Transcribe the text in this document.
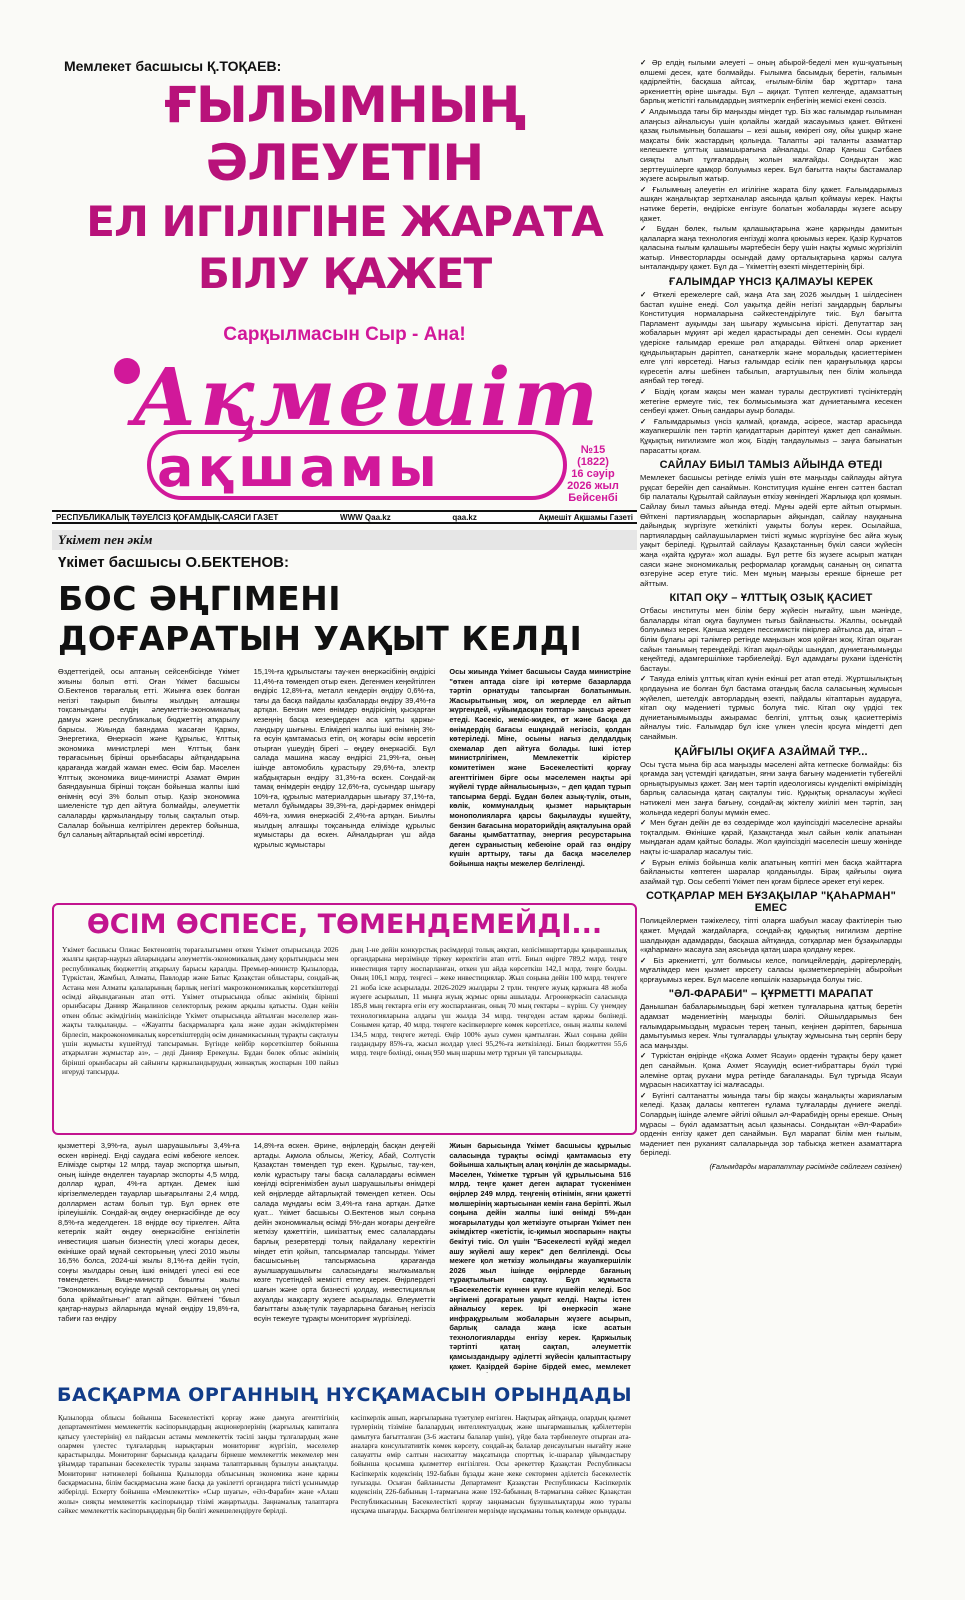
Мемлекет басшысы Қ.ТОҚАЕВ:
ҒЫЛЫМНЫҢ ӘЛЕУЕТІН
ЕЛ ИГІЛІГІНЕ ЖАРАТА БІЛУ ҚАЖЕТ
Сарқылмасын Сыр - Ана!
Ақмешіт
ақшамы	№15
(1822)
16 сәуір
2026 жыл
Бейсенбі
РЕСПУБЛИКАЛЫҚ ТӘУЕЛСІЗ ҚОҒАМДЫҚ-САЯСИ ГАЗЕТ	WWW Qaa.kz	qaa.kz	Ақмешіт Ақшамы Газеті
Үкімет пен әкім
Үкімет басшысы О.БЕКТЕНОВ:
БОС ӘҢГІМЕНІ
ДОҒАРАТЫН УАҚЫТ КЕЛДІ
Өздеттегідей, осы аптаның сейсенбісінде Үкімет жиыны болып өтті. Оған Үкімет басшысы О.Бектенов төрағалық етті. Жиынға өзек болған негізгі тақырып биылғы жылдың алғашқы тоқсанындағы елдің әлеуметтік-экономикалық дамуы және республикалық бюджеттің атқарылу барысы. Жиында баяндама жасаған Қаржы, Энергетика, Өнеркәсіп және Құрылыс, Ұлттық экономика министрлері мен Ұлттық банк төрағасының бірінші орынбасары айтқандарына қарағанда жағдай жаман емес. Өсім бар. Мәселен Ұлттық экономика вице-министрі Азамат Әмрин баяндауынша бірінші тоқсан бойынша жалпы ішкі өнімнің өсуі 3% болып отыр. Қазір экономика шиеленісте тұр деп айтуға болмайды, әлеуметтік салаларды қаржыландыру толық сақталып отыр. Салалар бойынша келтірілген деректер бойынша, бұл саланың айтарлықтай өсімі көрсетілді.
15,1%-ға құрылыстағы тау-кен өнеркәсібінің өндірісі 11,4%-ға төмендеп отыр екен. Дегенмен кеңейтілген өндіріс 12,8%-ға, металл кендерін өндіру 0,6%-ға, тағы да басқа пайдалы қазбаларды өндіру 39,4%-ға артқан. Бензин мен өнімдер өндірісінің қысқарған кезеңнің басқа кезеңдерден аса қатты қаржыландыру шығыны. Елімідегі жалпы ішкі өнімнің 3%-ға өсуін қамтамасыз етіп, оң жоғары өсім көрсетіп отырған үшеудің бірегі – өңдеу өнеркәсібі. Бұл салада машина жасау өндірісі 21,9%-ға, оның ішінде автомобиль құрастыру 29,6%-ға, электр жабдықтарын өндіру 31,3%-ға өскен. Сондай-ақ тамақ өнімдерін өндіру 12,6%-ға, сусындар шығару 10%-ға, құрылыс материалдарын шығару 37,1%-ға, металл бұйымдары 39,3%-ға, дәрі-дәрмек өнімдері 46%-ға, химия өнеркәсібі 2,4%-ға артқан. Биылғы жылдың алғашқы тоқсанында елімізде құрылыс жұмыстары да өскен. Айналдырған үш айда құрылыс жұмыстары
Осы жиында Үкімет басшысы Сауда министріне "өткен аптада сізге ірі көтерме базарларда тәртіп орнатуды тапсырған болатынмын. Жасырытының жоқ, ол жерлерде ел айтып жүргендей, «уйымдасқан топтар» заңсыз әрекет етеді. Кәсекіс, жеміс-жидек, өт және басқа да өнімдердің бағасы ешқандай негізсіз, қолдан көтеріледі. Міне, осыны нағыз делдалдық схемалар деп айтуға болады. Ішкі істер министрлігімен, Мемлекеттік кірістер комитетімен және Бәсекелестікті қорғау агенттігімен бірге осы мәселемен нақты әрі жүйелі түрде айналысыңыз», – деп қадап тұрып тапсырма берді. Бұдан бөлек азық-түлік, отын, көлік, коммуналдық қызмет нарықтарын монополияларға қарсы бақылауды күшейту, бензин бағасына мораторийдің аяқталуына орай бағаны қымбаттатпау, энергия ресурстарына деген сұраныстың кебеюіне орай газ өндіру күшін арттыру, тағы да басқа мәселелер бойынша нақты межелер белгіленді.
ӨСІМ ӨСПЕСЕ, ТӨМЕНДЕМЕЙДІ...
Үкімет басшысы Олжас Бектеновтің төрағалығымен өткен Үкімет отырысында 2026 жылғы қаңтар-наурыз айларындағы әлеуметтік-экономикалық даму қорытындысы мен республикалық бюджеттің атқарылу барысы қаралды. Премьер-министр Қызылорда, Түркістан, Жамбыл, Алматы, Павлодар және Батыс Қазақстан облыстары, сондай-ақ Астана мен Алматы қалаларының барлық негізгі макроэкономикалық көрсеткіштерді өсімді айқындағанын атап өтті. Үкімет отырысында облыс әкімінің бірінші орынбасары Данияр Жаңалинов селекторлық режим арқылы қатысты. Одан кейін өткен облыс әкімдігінің мәжілісінде Үкімет отырысында айтылған мәселелер жан-жақты талқыланды. – «Жауапты басқармаларға қала және аудан әкімдіктерімен бірлесіп, макроәкономикалық көрсеткіштердің өсім динамикасының тұрақты сақталуы үшін жұмысты күшейтуді тапсырамын. Бүгінде кейбір көрсеткіштер бойынша атқарылған жұмыстар аз», – деді Данияр Ерекеұлы. Бұдан бөлек облыс әкімінің бірінші орынбасары ай сайынғы қаржыландырудың жинақтық жоспарын 100 пайыз игеруді тапсырды.
дың 1-не дейін конкурстық рәсімдерді толық аяқтап, келісімшарттарды қаңырашылық органдарына мерзімінде тіркеу керектігін атап өтті. Биыл өңірге 789,2 млрд. теңге инвестиция тарту жоспарланған, өткен үш айда көрсеткіш 142,1 млрд. теңге болды. Оның 106,1 млрд. теңгесі – жеке инвестициялар. Жыл соңына дейін 100 млрд. теңгеге 21 жоба іске асырылады. 2026-2029 жылдары 2 трлн. теңгеге жуық қаржыға 48 жоба жүзеге асырылып, 11 мыңға жуық жұмыс орны ашылады. Агроөнеркәсіп саласында 185,8 мың гектарға егін егу жоспарланған, оның 70 мың гектары – күріш. Су үнемдеу технологияларына алдағы үш жылда 34 млрд. теңгеден астам қаржы бөлінеді. Сонымен қатар, 40 млрд. теңгеге кәсіпкерлерге көмек көрсетілсе, оның жалпы көлемі 134,5 млрд. теңгеге жетеді. Өңір 100% ауыз сумен қамтылған. Жыл соңына дейін газдандыру 85%-ға, жасыл жолдар үлесі 95,2%-ға жеткізіледі. Биыл бюджеттен 55,6 млрд. теңге бөлінді, оның 950 мың шаршы метр тұрғын үй тапсырылады.
қызметтері 3,9%-ға, ауыл шаруашылығы 3,4%-ға өскен көрінеді. Енді саудаға есімі көбеюге келсек. Елімізде сыртқы 12 млрд. тауар экспортқа шығып, оның ішінде өнделген тауарлар экспорты 4,5 млрд. доллар құрап, 4%-ға артқан. Демек ішкі кіргізелмелерден тауарлар шығарылғаны 2,4 млрд. доллармен астам болып тұр. Бұл өрнек өте ірілеуішілік. Сондай-ақ өндеу өнеркәсібінде де өсу 8,5%-ға жеделдеген. 18 өңірде өсу тіркелген. Айта кетерлік жайт өндеу өнеркәсібіне енгізілетін инвестиция шағын бизнестің үлесі жоғары десек, өкінішке орай мұнай секторының үлесі 2010 жылы 16,5% болса, 2024-ші жылы 8,1%-ға дейін түсіп, соңғы жылдары оның ішкі өнімдегі үлесі екі есе төмендеген. Вице-министр биылғы жылы "Экономиканың өсуінде мұнай секторының оң үлесі бола қоймайтынын" атап айтқан. Өйткені "биыл қаңтар-наурыз айларында мұнай өндіру 19,8%-ға, табиғи газ өндіру
14,8%-ға өскен. Әрине, өңірлердің басқан деңгейі артады. Ақмола облысы, Жетісу, Абай, Солтүстік Қазақстан төмендеп тұр екен. Құрылыс, тау-кен, көлік құрастыру тағы басқа салалардағы өсіммен көңілді өсіргенімізбен ауыл шаруашылығы өнімдері кей өңірлерде айтарлықтай төмендеп кеткен. Осы салада мұндағы өсім 3,4%-ға ғана артқан. Дәтке қуат... Үкімет басшысы О.Бектенов жыл соңына дейін экономикалық өсімді 5%-дан жоғары деңгейге жеткізу қажеттігін, шикізаттық емес салалардағы барлық резервтерді толық пайдалану керектігін міндет етіп қойып, тапсырмалар тапсырды. Үкімет басшысының тапсырмасына қарағанда ауылшаруашылығы саласындағы жылжымалық көзге түсетіндей жемісті етпеу керек. Өңірлердегі шағын және орта бизнесті қолдау, инвестициялық ахуалды жақсарту жүзеге асырылады. Өлеуметтік бағыттағы азық-түлік тауарларына бағаның негізсіз өсуін тежеуге тұрақты мониторинг жүргізіледі.
Жиын барысында Үкімет басшысы құрылыс саласында тұрақты өсімді қамтамасыз ету бойынша халықтың алаң көңілін де жасырмады. Мәселен, Үкіметке тұрғын үй құрылысына 516 млрд. теңге қажет деген ақпарат түскенімен өңірлер 249 млрд. теңгенің өтінімін, яғни қажетті мөлшерінің жартысынан кемін ғана беріпті. Жыл соңына дейін жалпы ішкі өнімді 5%-дан жоғарылатуды қол жеткізуге отырған Үкімет пен әкімдіктер «жетістік, іс-қимыл жоспарын» нақты бекітуі тиіс. Ол үшін "Бәсекелесті күйді жедел ашу жүйелі ашу керек" деп белгіленді. Осы межеге қол жеткізу жолындағы жауапкершілік 2026 жыл ішінде өңірлерде бағаның тұрақтылығын сақтау. Бұл жұмыста «Бәсекелестік күннен күнге күшейіп келеді. Бос әңгімені доғаратын уақыт келді. Нақты істен айналысу керек. Ірі өнеркәсіп және инфрақұрылым жобаларын жүзеге асырып, барлық салада жаңа іске асатын технологияларды енгізу керек. Қаржылық тәртіпті қатаң сақтап, әлеуметтік қамсыздандыру әділетті жүйесін қалыптастыру қажет. Қазірдей бәріне бірдей емес, мемлекет
БАСҚАРМА ОРГАННЫҢ НҰСҚАМАСЫН ОРЫНДАДЫ
Қызылорда облысы бойынша Бәсекелестікті қорғау және дамуға агенттігінің департаментімен мемлекеттік кәсіпорындардың акционерлерінің (жарғылық капиталға қатысу үлестерінің) ел пайдасын астамы мемлекеттік тәсілі заңды тұлғалардың және олармен үлестес тұлғалардың нарықтарын мониторинг жүргізіп, мәселелер қарастырылды. Мониторинг барысында қаладағы бірнеше мемлекеттік мекемелер мен ұйымдар тарапынан бәсекелестік туралы заңнама талаптарының бұзылуы анықталды. Мониторинг нәтижелері бойынша Қызылорда облысының экономика және қаржы басқармасына, білім басқармасына және басқа да уәкілетті органдарға тиісті ұсынымдар жіберілді. Ескерту бойынша «Мемлекеттік» «Сыр шуағы», «Әл-Фараби» және «Алаш жолы» сияқты мемлекеттік кәсіпорындар тізімі жаңартылды. Заңнамалық талаптарға сәйкес мемлекеттік кәсіпорындардың бір бөлігі жекешелендіруге берілді.
кәсіпкерлік ашып, жарғыларына түзетулер енгізген. Нақтырақ айтқанда, олардың қызмет түрлерінің тізіміне балалардың интеллектуалдық және шығармашылық қабілеттерін дамытуға бағытталған (3-6 жастағы балалар үшін), үйде бала тәрбиелеуге отырған ата-аналарға консультативтік көмек көрсету, сондай-ақ балалар денсаулығын нығайту және салауатты өмір салтын насихаттау мақсатында спорттық іс-шаралар ұйымдастыру бойынша қосымша қызметтер енгізілген. Осы әрекеттер Қазақстан Республикасы Кәсіпкерлік кодексінің 192-бабын бұзады және жеке сектормен әділетсіз бәсекелестік туғызады. Осыған байланысты Департамент Қазақстан Республикасы Кәсіпкерлік кодексінің 226-бабының 1-тармағына және 192-бабының 8-тармағына сәйкес Қазақстан Республикасының Бәсекелестікті қорғау заңнамасын бұзушылықтарды жою туралы нұсқама шығарды. Басқарма белгіленген мерзімде нұсқаманы толық көлемде орындады.

✓ Әр елдің ғылыми әлеуеті – оның абырой-беделі мен күш-қуатының өлшемі десек, қате болмайды. Ғылымға басымдық беретін, ғалымын қадірлейтін, басқаша айтсақ, «ғылым-білім бар жұрттар» тана әркениеттің өріне шығады. Бұл – ақиқат. Түптеп келгенде, адамзаттың барлық жетістігі ғалымдардың зияткерлік еңбегінің жемісі екені сөзсіз.

✓ Алдымызда тағы бір маңызды міндет тұр. Біз жас ғалымдар ғылымнан алаңсыз айналысуы үшін қолайлы жағдай жасауымыз қажет. Өйткені қазақ ғылымының болашағы – кезі ашық, көкірегі ояу, ойы ұшқыр және мақсаты биік жастардың қолында. Талапты әрі таланты азаматтар келешекте ұлттық шамшырағына айналады. Олар Қаныш Сәтбаев сияқты алып тұлғалардың жолын жалғайды. Сондықтан жас зерттеушілерге қамқор болуымыз керек. Бұл бағытта нақты бастамалар жүзеге асырылып жатыр.

✓ Ғылымның әлеуетін ел игілігіне жарата білу қажет. Ғалымдарымыз ашқан жаңалықтар зертханалар аясында қалып қоймауы керек. Нақты нәтиже беретін, өндіріске енгізуге болатын жобаларды жүзеге асыру қажет.

✓ Бұдан бөлек, ғылым қалашықтарына және қарқынды дамитын қалаларға жаңа технология енгізуді жолға қоюымыз керек. Қазір Курчатов қаласына ғылым қалашығы мәртебесін беру үшін нақты жұмыс жүргізіліп жатыр. Инвесторларды осындай даму орталықтарына қаржы салуға ынталандыру қажет. Бұл да – Үкіметтің өзекті міндеттерінің бірі.

ҒАЛЫМДАР ҮНСІЗ ҚАЛМАУЫ КЕРЕК

✓ Өткелі ережелерге сай, жаңа Ата заң 2026 жылдың 1 шілдесінен бастап күшіне енеді. Сол уақытқа дейін негізгі заңдардың барлығы Конституция нормаларына сәйкестендірілуге тиіс. Бұл бағытта Парламент ауқымды заң шығару жұмысына кірісті. Депутаттар заң жобаларын мұқият әрі жедел қарастырады деп сенемін. Осы күрделі үдеріске ғалымдар ерекше рөл атқарады. Өйткені олар әркениет құндылықтарын дәріптеп, санаткерлік және моральдық қасиеттерімен елге үлгі көрсетеді. Нағыз ғалымдар есілік пен қараңғылыққа қарсы күресетін алғы шебінен табылып, ағартушылық пен білім жолында аянбай тер төгеді.

✓ Біздің қоғам жақсы мен жаман туралы деструктивті түсініктердің жетегіне ермеуге тиіс, тек болмысымызға жат дүниетанымға кесекен сенбеуі қажет. Оның сандары ауыр болады.

✓ Ғалымдарымыз үнсіз қалмай, қоғамда, әсіресе, жастар арасында жауапкершілік пен тәртіп қағидаттарын дәріптеуі қажет деп санаймын. Құқықтық нигилизмге жол жоқ. Біздің тандаулымыз – заңға бағынатын парасатты қоғам.

САЙЛАУ БИЫЛ ТАМЫЗ АЙЫНДА ӨТЕДІ

Мемлекет басшысы ретінде еліміз үшін өте маңызды сайлауды айтуға рұқсат берейін деп санаймын. Конституция күшіне енген сәттен бастап бір палаталы Құрылтай сайлауын өткізу жөніндегі Жарлыққа қол қоямын. Сайлау биыл тамыз айында өтеді. Мұны әдейі ерте айтып отырмын. Өйткені партиялардың жоспарларын айқындап, сайлау науқанына дайындық жүргізуге жеткілікті уақыты болуы керек. Осылайша, партиялардың сайлаушылармен тиісті жұмыс жүргізуіне бес айға жуық уақыт беріледі. Құрылтай сайлауы Қазақстанның бүкіл саяси жүйесін жаңа «қайта құруға» жол ашады. Бұл ретте біз жүзеге асырып жатқан саяси және экономикалық реформалар қоғамдық сананың оң сипатта өзгеруіне әсер етуге тиіс. Мен мұның маңызы ерекше бірнеше рет айттым.

КІТАП ОҚУ – ҰЛТТЫҚ ОЗЫҚ ҚАСИЕТ

Отбасы институты мен білім беру жүйесін нығайту, шын мәнінде, балаларды кітап оқуға баулумен тығыз байланысты. Жалпы, осындай болуымыз керек. Қанша жерден пессимистік пікірлер айтылса да, кітап – білім бұлағы әрі тәлімгер ретінде маңызын жоя қойған жоқ. Кітап оқыған сайын танымың тереңдейді. Кітап ақыл-ойды шыңдап, дүниетанымыңды кеңейтеді, адамгершілікке тәрбиелейді. Бұл адамдағы рухани ізденістің бастауы.

✓ Таяуда еліміз ұлттық кітап күнін екінші рет атап өтеді. Жұртшылықтың қолдауына ие болған бұл бастама отандық басла саласының жұмысын жүйелеп, шетелдік авторлардың өзекті, пайдалы кітаптарын аударуға, кітап оқу мәдениеті тұрмыс болуға тиіс. Кітап оқу үрдісі тек дүниетанымымызды ажырамас белгілі, ұлттық озық қасиеттеріміз айналуы тиіс. Ғалымдар бұл іске үлкен үлесін қосуға міндетті деп санаймын.

ҚАЙҒЫЛЫ ОҚИҒА АЗАЙМАЙ ТҰР...

Осы тұста мына бір аса маңызды мәселені айта кетпеске болмайды: біз қоғамда заң үстемдігі қағидатын, яғни заңға бағыну мәдениетін түбегейлі орнықтыруымыз қажет. Заң мен тәртіп идеологиясы күнделікті өміріміздің барлық саласында қатаң сақталуы тиіс. Құқықтық орналасуы жүйесі нәтижелі мен заңға бағыну, сондай-ақ жіктелу жиілігі мен тәртіп, заң жолында кедергі болуы мүмкін емес.

✓ Мен бұған дейін де өз сөздерімде жол қауіпсіздігі мәселесіне арнайы тоқталдым. Өкінішке қарай, Қазақстанда жыл сайын көлік апатынан мыңдаған адам қайтыс болады. Жол қауіпсіздігі мәселесін шешу жөнінде нақты іс-шаралар жасалуы тиіс.

✓ Бүрын еліміз бойынша көлік апатының көптігі мен басқа жайттарға байланысты көптеген шаралар қолданылды. Бірақ қайғылы оқиға азаймай тұр. Осы себепті Үкімет пен қоғам бірлесе әрекет етуі керек.

СОТҚАРЛАР МЕН БҰЗАҚЫЛАР "ҚАҺАРМАН" ЕМЕС

Полицейлермен тәжікелесу, тіпті оларға шабуыл жасау фактілерін тыю қажет. Мұндай жағдайларға, сондай-ақ құқықтық нигилизм дертіне шалдыққан адамдарды, басқаша айтқанда, сотқарлар мен бұзақыларды «қаһарман» жасауға заң аясында қатаң шара қолдану керек.

✓ Біз әркениетті, ұлт болмысы келсе, полицейлердің, дәрігерлердің, мұғалімдер мен қызмет көрсету саласы қызметкерлерінің абыройын қорғауымыз керек. Бұл мәселе көпшілік назарында болуы тиіс.

"ӘЛ-ФАРАБИ" – ҚҰРМЕТТІ МАРАПАТ

Данышпан бабаларымыздың бәрі жеткен тұлғаларына қаттық беретін адамзат мәдениетінің маңызды бөлігі. Ойшылдарымыз бен ғалымдарымыздың мұрасын терең танып, кеңінен дәріптеп, барынша дамытуымыз керек. Ұлы тұлғаларды ұлықтау жұмысына тың серпін беру аса маңызды.

✓ Түркістан өңірінде «Қожа Ахмет Ясауи» орденін тұрақты беру қажет деп санаймын. Қожа Ахмет Ясауидің өсиет-ғибраттары бүкіл түркі әлеміне ортақ рухани мұра ретінде бағаланады. Бұл тұрғыда Ясауи мұрасын насихаттау ісі жалғасады.

✓ Бүгінгі салтанатты жиында тағы бір жақсы жаңалықты жариялағым келеді. Қазақ даласы көптеген ғұлама тұлғаларды дүниеге әкелді. Солардың ішінде әлемге әйгілі ойшыл әл-Фарабидің орны ерекше. Оның мұрасы – бүкіл адамзаттың асыл қазынасы. Сондықтан «Әл-Фараби» орденін енгізу қажет деп санаймын. Бұл марапат білім мен ғылым, мәдениет пен руханият салаларында зор табысқа жеткен азаматтарға беріледі.

(Ғалымдарды марапаттау рәсімінде сөйлеген сөзінен)
